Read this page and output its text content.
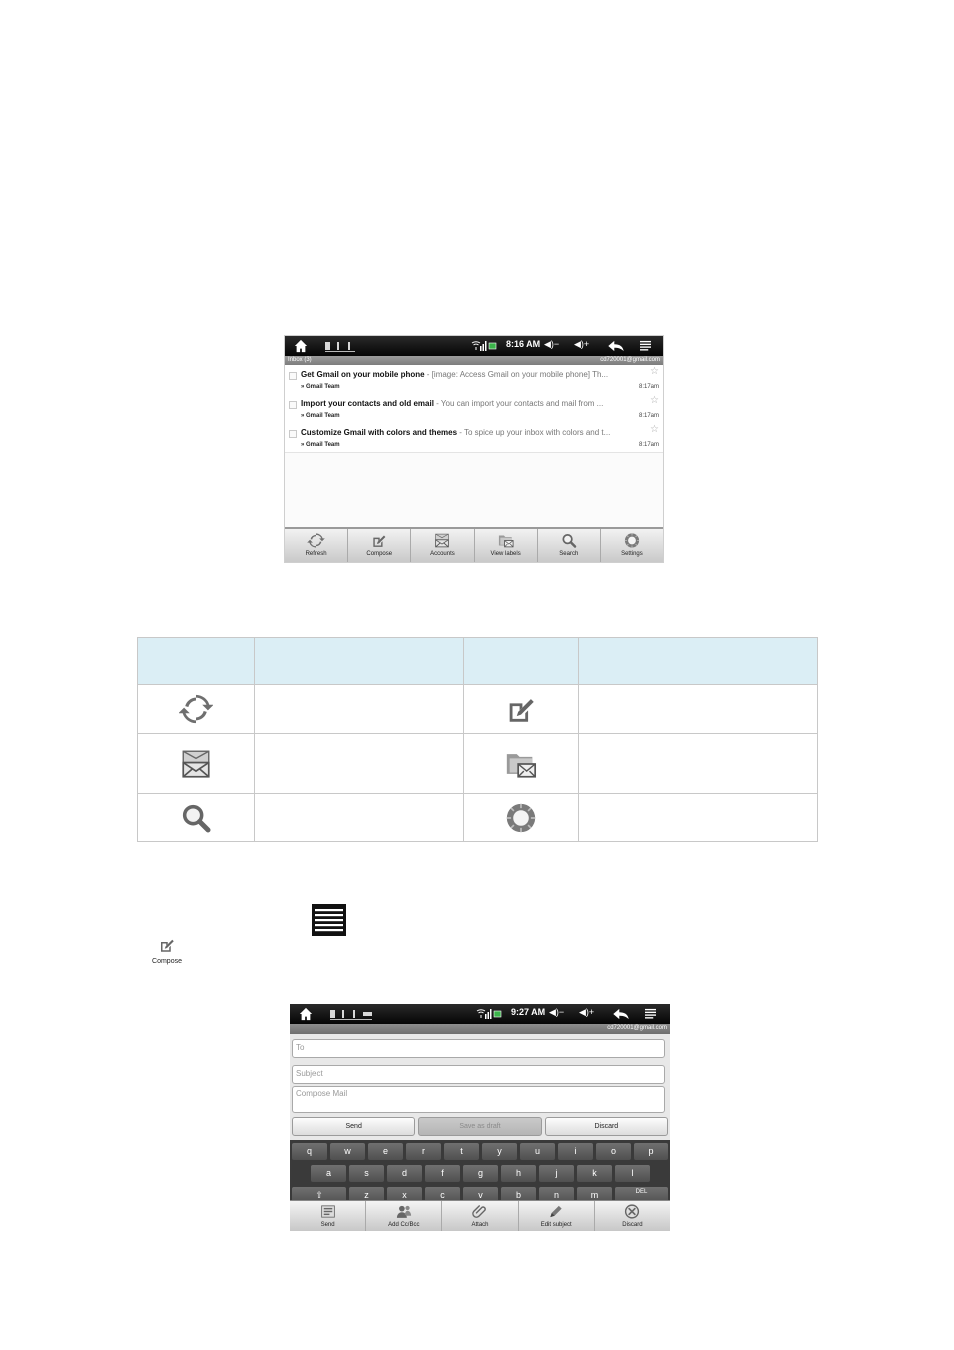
8:16 AM ◀)− ◀)+
Inbox (3)	cd720001@gmail.com
Get Gmail on your mobile phone - [image: Access Gmail on your mobile phone] Th...
» Gmail Team
☆
8:17am
Import your contacts and old email - You can import your contacts and mail from ...
» Gmail Team
☆
8:17am
Customize Gmail with colors and themes - To spice up your inbox with colors and t...
» Gmail Team
☆
8:17am
Refresh	Compose	Accounts	View labels	Search	Settings

Compose
9:27 AM ◀)− ◀)+
cd720001@gmail.com
To
Subject
Compose Mail
Send	Save as draft	Discard
q	w	e	r	t	y	u	i	o	p
a	s	d	f	g	h	j	k	l
⇧	z	x	c	v	b	n	m	DEL
Send	Add Cc/Bcc	Attach	Edit subject	Discard
